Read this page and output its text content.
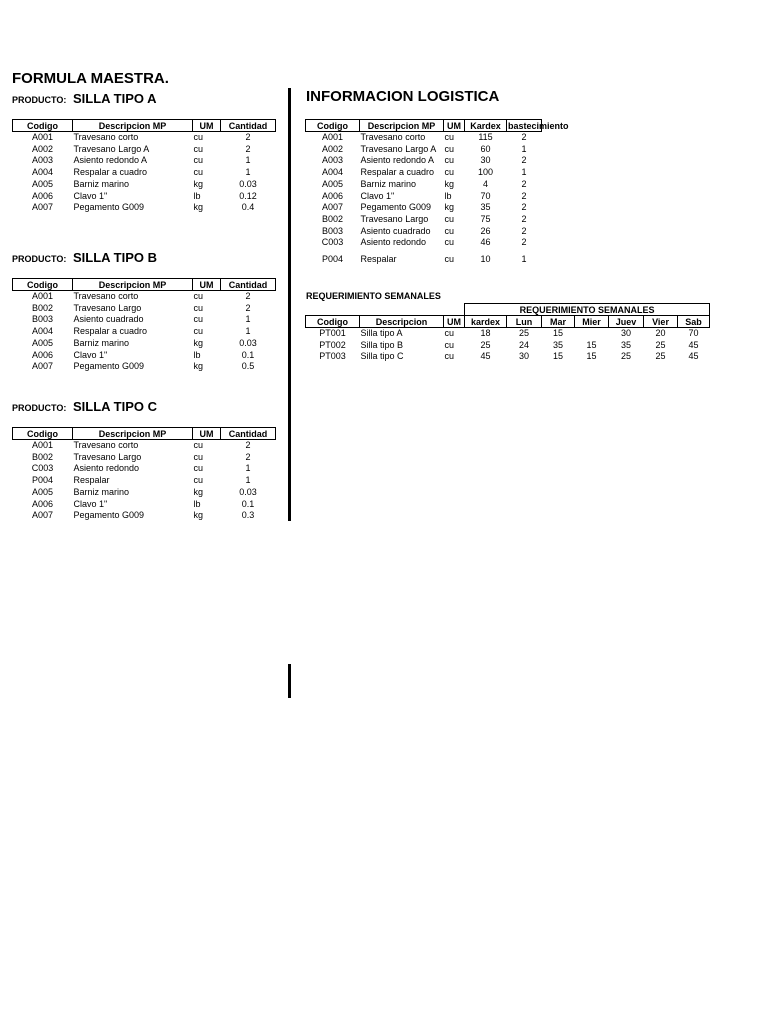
FORMULA MAESTRA.
PRODUCTO: SILLA TIPO A
Codigo	Descripcion MP	UM	Cantidad
A001	Travesano corto	cu	2
A002	Travesano Largo A	cu	2
A003	Asiento redondo A	cu	1
A004	Respalar a cuadro	cu	1
A005	Barniz marino	kg	0.03
A006	Clavo 1"	lb	0.12
A007	Pegamento G009	kg	0.4
PRODUCTO: SILLA TIPO B
Codigo	Descripcion MP	UM	Cantidad
A001	Travesano corto	cu	2
B002	Travesano Largo	cu	2
B003	Asiento cuadrado	cu	1
A004	Respalar a cuadro	cu	1
A005	Barniz marino	kg	0.03
A006	Clavo 1"	lb	0.1
A007	Pegamento G009	kg	0.5
PRODUCTO: SILLA TIPO C
Codigo	Descripcion MP	UM	Cantidad
A001	Travesano corto	cu	2
B002	Travesano Largo	cu	2
C003	Asiento redondo	cu	1
P004	Respalar	cu	1
A005	Barniz marino	kg	0.03
A006	Clavo 1"	lb	0.1
A007	Pegamento G009	kg	0.3
INFORMACION LOGISTICA
Codigo	Descripcion MP	UM	Kardex	bastecimiento
A001	Travesano corto	cu	115	2
A002	Travesano Largo A	cu	60	1
A003	Asiento redondo A	cu	30	2
A004	Respalar a cuadro	cu	100	1
A005	Barniz marino	kg	4	2
A006	Clavo 1"	lb	70	2
A007	Pegamento G009	kg	35	2
B002	Travesano Largo	cu	75	2
B003	Asiento cuadrado	cu	26	2
C003	Asiento redondo	cu	46	2
P004	Respalar	cu	10	1
REQUERIMIENTO SEMANALES
			REQUERIMIENTO SEMANALES						
Codigo	Descripcion	UM	kardex	Lun	Mar	Mier	Juev	Vier	Sab
PT001	Silla tipo A	cu	18	25	15		30	20	70
PT002	Silla tipo B	cu	25	24	35	15	35	25	45
PT003	Silla tipo C	cu	45	30	15	15	25	25	45
